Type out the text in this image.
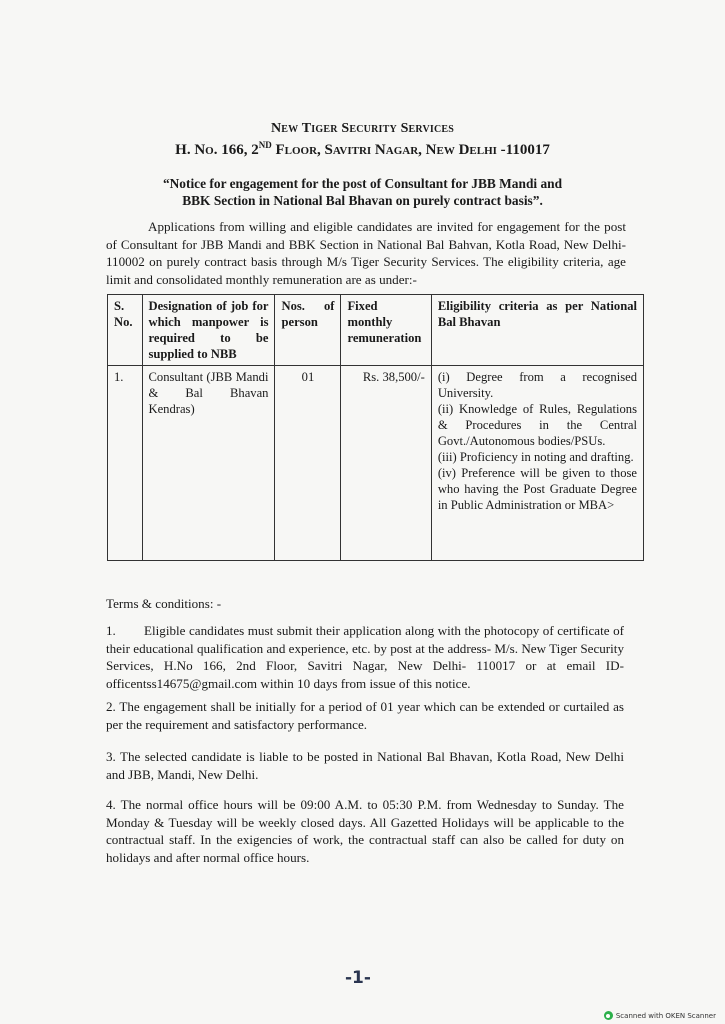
New Tiger Security Services
H. No. 166, 2ND Floor, Savitri Nagar, New Delhi -110017
“Notice for engagement for the post of Consultant for JBB Mandi and
BBK Section in National Bal Bhavan on purely contract basis”.
Applications from willing and eligible candidates are invited for engagement for the post of Consultant for JBB Mandi and BBK Section in National Bal Bahvan, Kotla Road, New Delhi-110002 on purely contract basis through M/s Tiger Security Services. The eligibility criteria, age limit and consolidated monthly remuneration are as under:-
S. No.	Designation of job for which manpower is required to be supplied to NBB	Nos. of person	Fixed monthly remuneration	Eligibility criteria as per National Bal Bhavan
1.	Consultant (JBB Mandi & Bal Bhavan Kendras)	01	Rs. 38,500/-	(i) Degree from a recognised University.
(ii) Knowledge of Rules, Regulations & Procedures in the Central Govt./Autonomous bodies/PSUs.
(iii) Proficiency in noting and drafting.
(iv) Preference will be given to those who having the Post Graduate Degree in Public Administration or MBA>
Terms & conditions: -
1. Eligible candidates must submit their application along with the photocopy of certificate of their educational qualification and experience, etc. by post at the address- M/s. New Tiger Security Services, H.No 166, 2nd Floor, Savitri Nagar, New Delhi- 110017 or at email ID- officentss14675@gmail.com within 10 days from issue of this notice.
2. The engagement shall be initially for a period of 01 year which can be extended or curtailed as per the requirement and satisfactory performance.
3. The selected candidate is liable to be posted in National Bal Bhavan, Kotla Road, New Delhi and JBB, Mandi, New Delhi.
4. The normal office hours will be 09:00 A.M. to 05:30 P.M. from Wednesday to Sunday. The Monday & Tuesday will be weekly closed days. All Gazetted Holidays will be applicable to the contractual staff. In the exigencies of work, the contractual staff can also be called for duty on holidays and after normal office hours.
-1-
Scanned with OKEN Scanner
